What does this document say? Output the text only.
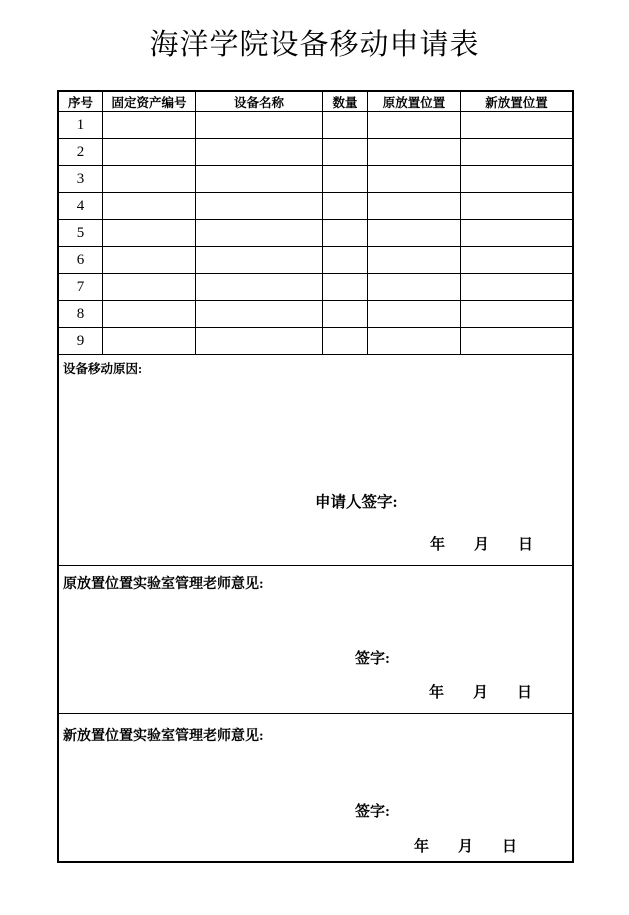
海洋学院设备移动申请表
序号	固定资产编号	设备名称	数量	原放置位置	新放置位置
1
2
3
4
5
6
7
8
9
设备移动原因:
申请人签字:
年 月 日
原放置位置实验室管理老师意见:
签字:
年 月 日
新放置位置实验室管理老师意见:
签字:
年 月 日
